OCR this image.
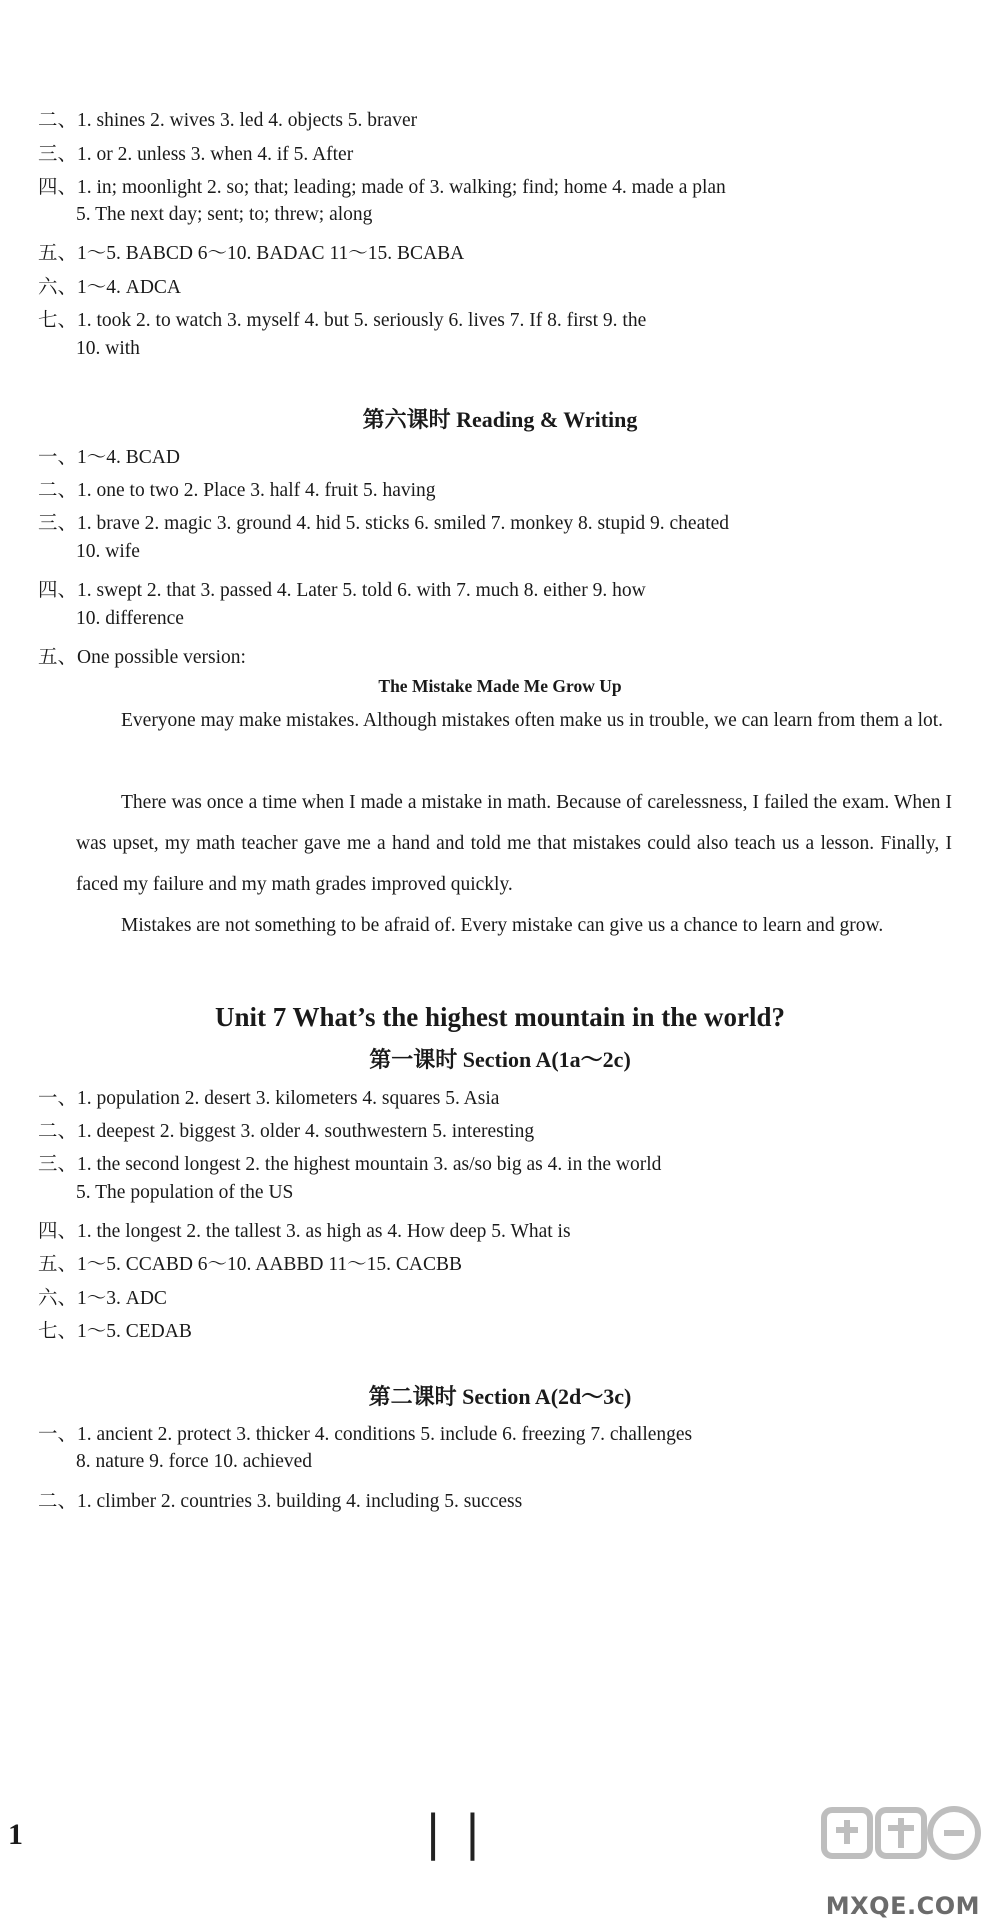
二、1. shines 2. wives 3. led 4. objects 5. braver
三、1. or 2. unless 3. when 4. if 5. After
四、1. in; moonlight 2. so; that; leading; made of 3. walking; find; home 4. made a plan
5. The next day; sent; to; threw; along
五、1～5. BABCD 6～10. BADAC 11～15. BCABA
六、1～4. ADCA
七、1. took 2. to watch 3. myself 4. but 5. seriously 6. lives 7. If 8. first 9. the
10. with
第六课时 Reading & Writing
一、1～4. BCAD
二、1. one to two 2. Place 3. half 4. fruit 5. having
三、1. brave 2. magic 3. ground 4. hid 5. sticks 6. smiled 7. monkey 8. stupid 9. cheated
10. wife
四、1. swept 2. that 3. passed 4. Later 5. told 6. with 7. much 8. either 9. how
10. difference
五、One possible version:
The Mistake Made Me Grow Up
Everyone may make mistakes. Although mistakes often make us in trouble, we can learn from them a lot.
There was once a time when I made a mistake in math. Because of carelessness, I failed the exam. When I was upset, my math teacher gave me a hand and told me that mistakes could also teach us a lesson. Finally, I faced my failure and my math grades improved quickly.
Mistakes are not something to be afraid of. Every mistake can give us a chance to learn and grow.
Unit 7 What’s the highest mountain in the world?
第一课时 Section A(1a～2c)
一、1. population 2. desert 3. kilometers 4. squares 5. Asia
二、1. deepest 2. biggest 3. older 4. southwestern 5. interesting
三、1. the second longest 2. the highest mountain 3. as/so big as 4. in the world
5. The population of the US
四、1. the longest 2. the tallest 3. as high as 4. How deep 5. What is
五、1～5. CCABD 6～10. AABBD 11～15. CACBB
六、1～3. ADC
七、1～5. CEDAB
第二课时 Section A(2d～3c)
一、1. ancient 2. protect 3. thicker 4. conditions 5. include 6. freezing 7. challenges
8. nature 9. force 10. achieved
二、1. climber 2. countries 3. building 4. including 5. success
1	| |
MXQE.COM
